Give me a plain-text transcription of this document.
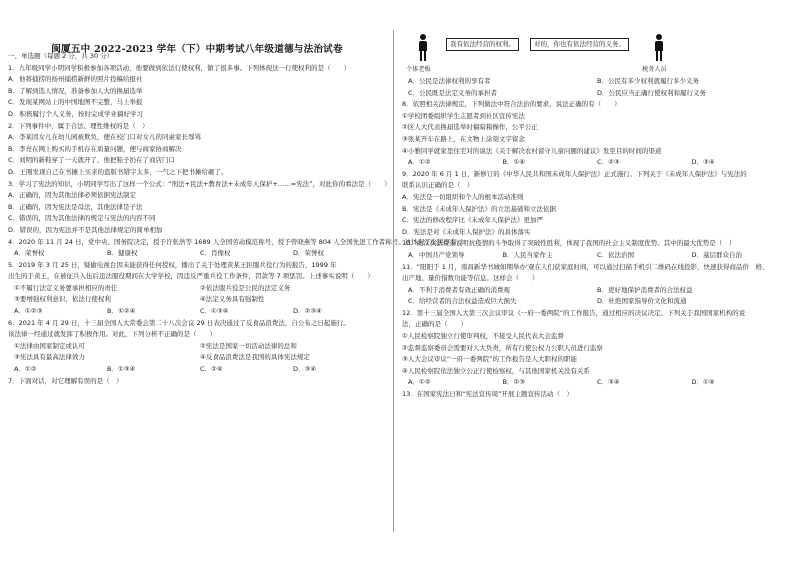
闽厦五中 2022-2023 学年（下）中期考试八年级道德与法治试卷
一、单选题（每题 2 分，共 30 分）
1．九年级同学小明同学积极参加各项活动，他要做到依法行使权利，做了很多事。下列体现这一行使权利的是（　　）
A．他将捕捞的扬州捕捞新鲜的照片投稿给报社
B．了解到选人情况，准备参加人大的换届选举
C．发现某网站上的中国地图不完整，马上举报
D．积极履行个人义务，按时完成学业搞好学习
2．下列事件中，属于合法、理性维权的是（　）
A．李某因女儿在幼儿园被欺负，便在校门口对女儿的同桌家长辱骂
B．李亮在网上购买的手机存在质量问题，便与商家协商解决
C．刘明的新鞋穿了一天就开了，他把鞋子扔在了商店门口
D．王刚发现自己在书摊上买来的盗版书错字太多，一气之下把书摊给砸了。
3．学习了宪法的知识，小明同学写出了这样一个公式：“刑法+民法+教育法+未成年人保护+……=宪法”，对此你的看法是（　　）
A．正确的，因为其他法律必须依据宪法制定
B．正确的，因为宪法是母法，其他法律是子法
C．错误的，因为其他法律的规定与宪法的内容不同
D．错误的，因为宪法并不是其他法律规定的简单相加
4．2020 年 11 月 24 日，党中央、国务院决定，授予许张浩等 1689 人全国劳动模范称号，授予曾晓燕等 804 人全国先进工作者称号。这体现了公民享有（　　）
A．荣誉权	B．健康权	C．肖像权	D．荣誉权
5．2019 年 3 月 25 日，疑偷电视台因未能获得任何授权，播出了关于处理黄某王拒服兵役行为的报告，1999 年
出生的于黄王，在被征兵入伍后违法服役期间在大学学校，因违反严重兵役工作条件，罚款等 7 项惩罚。上述事实说明（　　）
①不履行法定义务要承担相应的责任	②依法服兵役是公民的法定义务
③要增强权利意识，依法行使权利	④法定义务具有强制性
A．①②③	B．①②④	C．①③④	D．②③④
6．2021 年 4 月 29 日，十三届全国人大常委会第二十八次会议 29 日表决通过了反食品浪费法，自公布之日起施行。
该法律一经通过就发挥了积极作用。对此，下列分析不正确的是（　　）
①法律由国家制定或认可	②宪法是国家一切活动法律的总和
③宪法具有最高法律效力	④反食品浪费法是我国的具体宪法规定
A．①②	B．①③④	C．②④	D．③④
7．下面对话，对它理解有误的是（　）
我有依法经营的权利。	对的，你也有依法经营的义务。
个体老板	税务人员
A．公民是法律权利的享有者	B．公民有多少权利就履行多少义务
C．公民既是法定义务的承担者	D．公民应当正确行使权利和履行义务
8．依照相关法律规定，下列做法中符合法治的要求，说法正确的有（　　）
①学校团委组织学生志愿者到社区宣传宪法
②区人大代表换届选举时搞暗箱操作，公平公正
③张某开车在路上，在文物上涂刻文字留念
④小雅同学就家里住宅对的说法《关于解决农村留守儿童问题的建议》发至目的时间的渠道
A．①②	B．①④	C．②③	D．③④
9．2020 年 6 月 1 日，新修订的《中华人民共和国未成年人保护法》正式施行。下列关于《未成年人保护法》与宪法的
联系认识正确的是（　）
A．宪法是一切组织和个人的根本活动准则
B．宪法是《未成年人保护法》的立法基础和立法依据
C．宪法的修改程序比《未成年人保护法》更加严
D．宪法是对《未成年人保护法》的具体落实
10．此次执法检查说明抗疫情的斗争取得了突破性胜利，体现了我国的社会主义制度优势。其中的最大优势是（　）
A．中国共产党领导	B．人民当家作主	C．依法治国	D．基层群众自治
11．“阳阳于 1 月，南昌新华书城如期举办‘观在人们获家庭时间，可以通过扫描手机引二维码在线投影，快速获得商品价　格、
出产地、量价指数功能等信息。这样会（　　）
A．不利于消费者有效正确的消费观	B．更好地保护消费者的合法权益
C．给经营者的合法权益造成巨大损失	D．杜绝国家指导价文化和流通
12．第十三届全国人大第三次会议审议《一府一委两院”的工作报告，通过相应的决议决定。下列关于我国国家机构的说
法，正确的是（　　）
①人民检察院独立行使审判权，不接受人民代表大会监督
②监督监察委员会需要对人大负责，所有行使公权力公职人员进行监察
③人大会议审议“一府一委两院”的工作报告是人大职权的职能
④人民检察院依法独立公正行使检察权，与其他国家机关没有关系
A．①②	B．②③	C．③④	D．①④
13．在国家宪法日和“宪法宣传周”开展主题宣传活动（　）
